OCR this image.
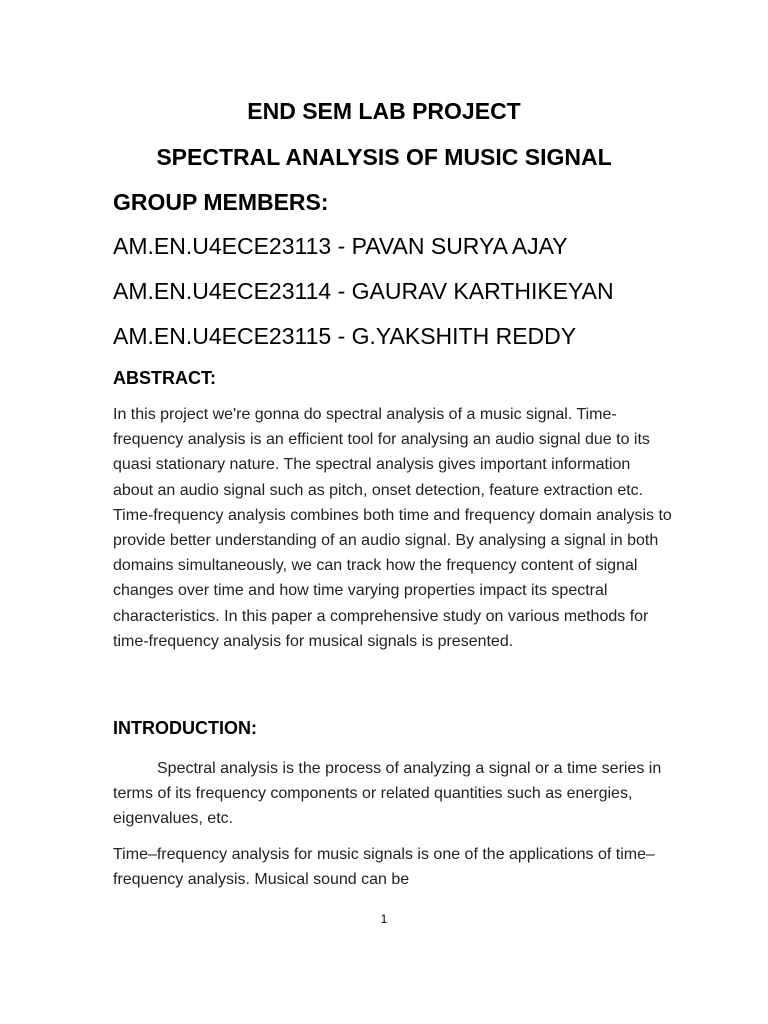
END SEM LAB PROJECT
SPECTRAL ANALYSIS OF MUSIC SIGNAL
GROUP MEMBERS:
AM.EN.U4ECE23113 - PAVAN SURYA AJAY
AM.EN.U4ECE23114 - GAURAV KARTHIKEYAN
AM.EN.U4ECE23115 - G.YAKSHITH REDDY
ABSTRACT:
In this project we're gonna do spectral analysis of a music signal. Time-frequency analysis is an efficient tool for analysing an audio signal due to its quasi stationary nature. The spectral analysis gives important information about an audio signal such as pitch, onset detection, feature extraction etc. Time-frequency analysis combines both time and frequency domain analysis to provide better understanding of an audio signal. By analysing a signal in both domains simultaneously, we can track how the frequency content of signal changes over time and how time varying properties impact its spectral characteristics. In this paper a comprehensive study on various methods for time-frequency analysis for musical signals is presented.
INTRODUCTION:
Spectral analysis is the process of analyzing a signal or a time series in terms of its frequency components or related quantities such as energies, eigenvalues, etc.
Time–frequency analysis for music signals is one of the applications of time–frequency analysis. Musical sound can be
1
